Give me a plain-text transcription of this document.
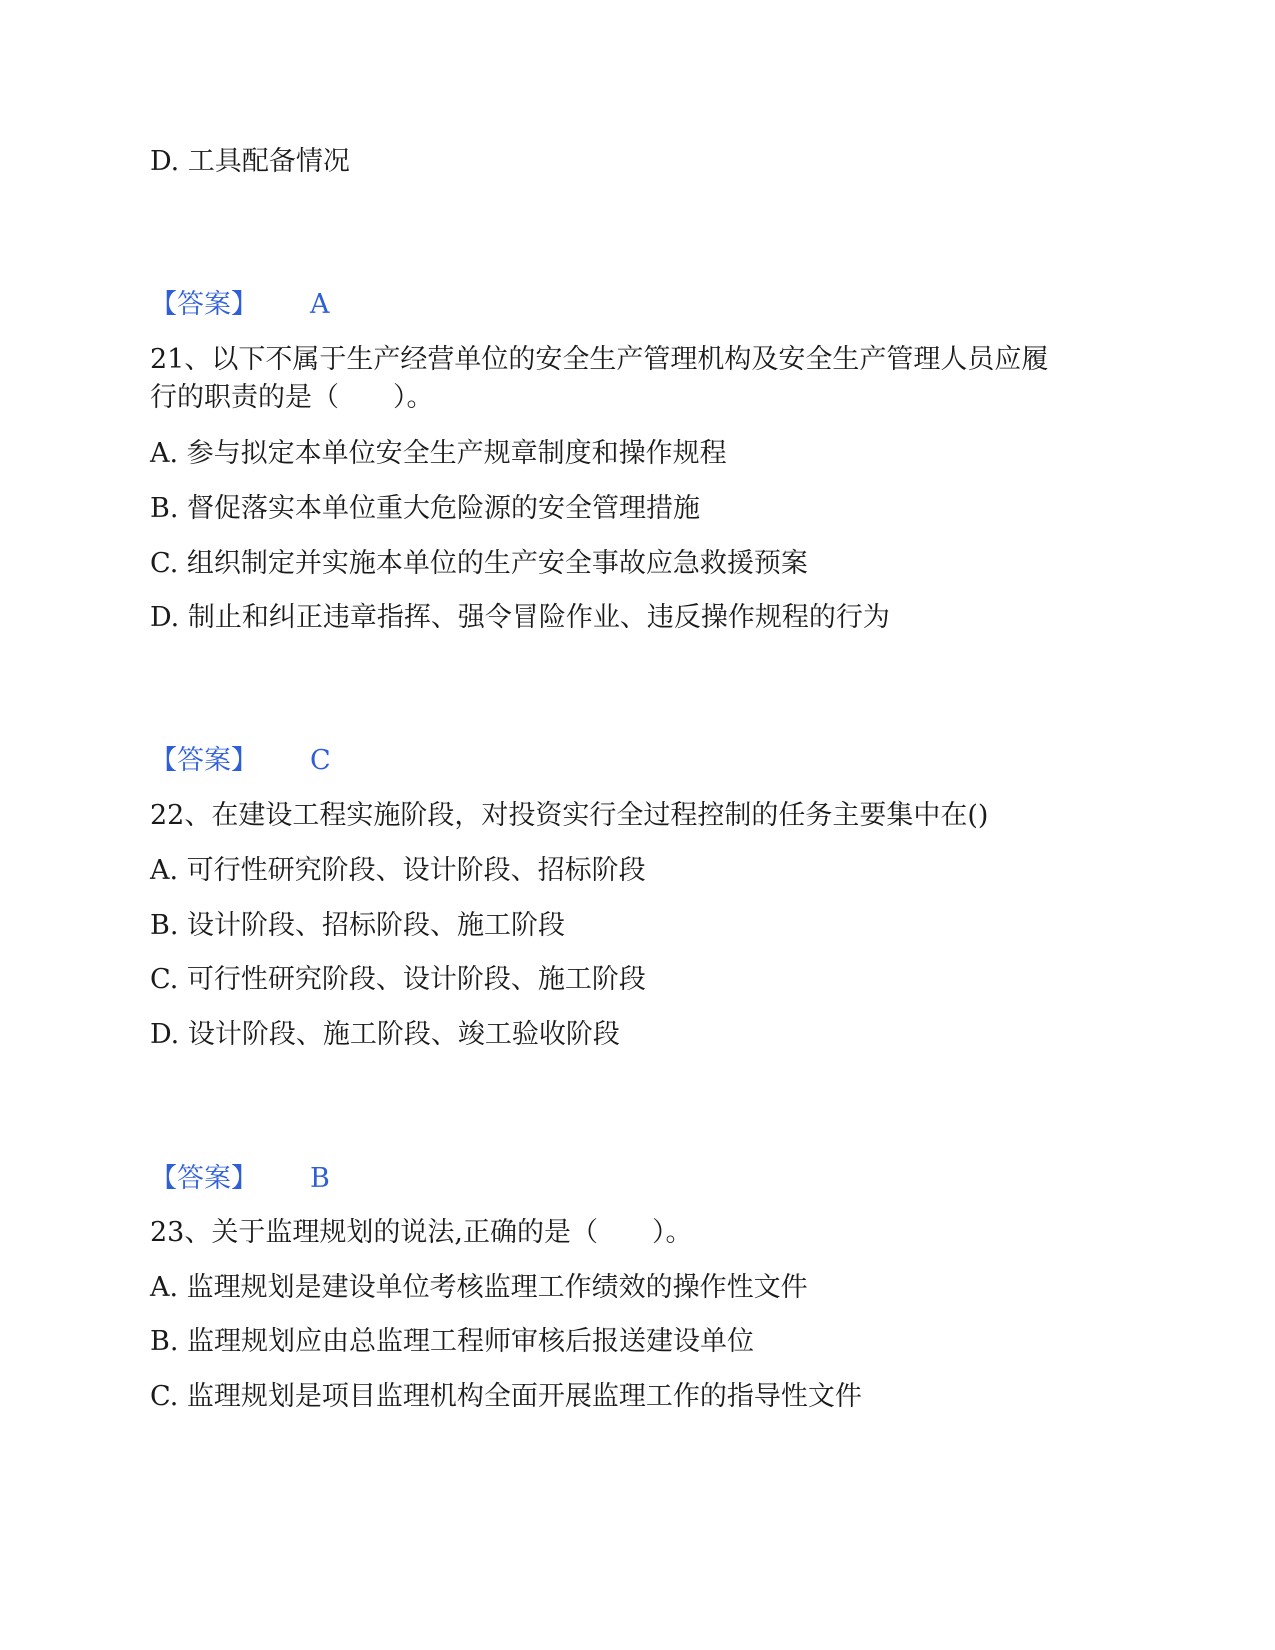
D. 工具配备情况
【答案】 A
21、以下不属于生产经营单位的安全生产管理机构及安全生产管理人员应履
行的职责的是（　　）。
A. 参与拟定本单位安全生产规章制度和操作规程
B. 督促落实本单位重大危险源的安全管理措施
C. 组织制定并实施本单位的生产安全事故应急救援预案
D. 制止和纠正违章指挥、强令冒险作业、违反操作规程的行为
【答案】 C
22、在建设工程实施阶段，对投资实行全过程控制的任务主要集中在()
A. 可行性研究阶段、设计阶段、招标阶段
B. 设计阶段、招标阶段、施工阶段
C. 可行性研究阶段、设计阶段、施工阶段
D. 设计阶段、施工阶段、竣工验收阶段
【答案】 B
23、关于监理规划的说法,正确的是（　　）。
A. 监理规划是建设单位考核监理工作绩效的操作性文件
B. 监理规划应由总监理工程师审核后报送建设单位
C. 监理规划是项目监理机构全面开展监理工作的指导性文件
